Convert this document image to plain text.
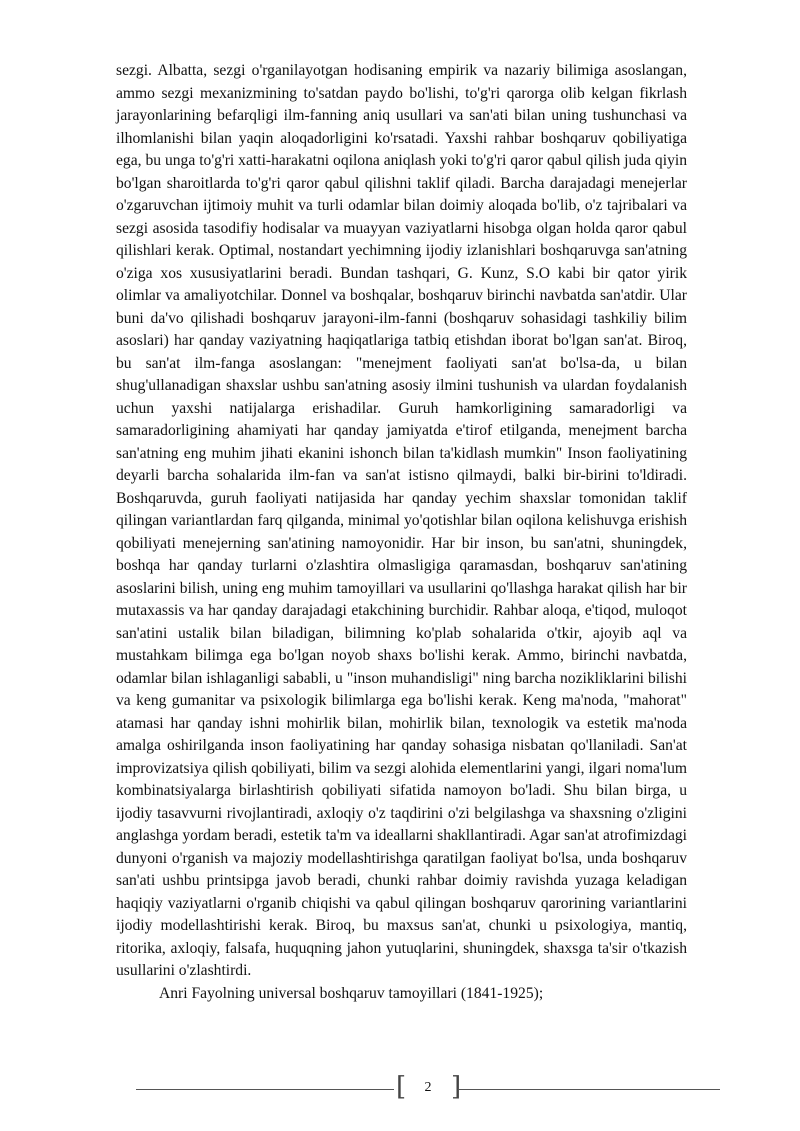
sezgi. Albatta, sezgi o'rganilayotgan hodisaning empirik va nazariy bilimiga asoslangan, ammo sezgi mexanizmining to'satdan paydo bo'lishi, to'g'ri qarorga olib kelgan fikrlash jarayonlarining befarqligi ilm-fanning aniq usullari va san'ati bilan uning tushunchasi va ilhomlanishi bilan yaqin aloqadorligini ko'rsatadi. Yaxshi rahbar boshqaruv qobiliyatiga ega, bu unga to'g'ri xatti-harakatni oqilona aniqlash yoki to'g'ri qaror qabul qilish juda qiyin bo'lgan sharoitlarda to'g'ri qaror qabul qilishni taklif qiladi. Barcha darajadagi menejerlar o'zgaruvchan ijtimoiy muhit va turli odamlar bilan doimiy aloqada bo'lib, o'z tajribalari va sezgi asosida tasodifiy hodisalar va muayyan vaziyatlarni hisobga olgan holda qaror qabul qilishlari kerak. Optimal, nostandart yechimning ijodiy izlanishlari boshqaruvga san'atning o'ziga xos xususiyatlarini beradi. Bundan tashqari, G. Kunz, S.O kabi bir qator yirik olimlar va amaliyotchilar. Donnel va boshqalar, boshqaruv birinchi navbatda san'atdir. Ular buni da'vo qilishadi boshqaruv jarayoni-ilm-fanni (boshqaruv sohasidagi tashkiliy bilim asoslari) har qanday vaziyatning haqiqatlariga tatbiq etishdan iborat bo'lgan san'at. Biroq, bu san'at ilm-fanga asoslangan: "menejment faoliyati san'at bo'lsa-da, u bilan shug'ullanadigan shaxslar ushbu san'atning asosiy ilmini tushunish va ulardan foydalanish uchun yaxshi natijalarga erishadilar. Guruh hamkorligining samaradorligi va samaradorligining ahamiyati har qanday jamiyatda e'tirof etilganda, menejment barcha san'atning eng muhim jihati ekanini ishonch bilan ta'kidlash mumkin" Inson faoliyatining deyarli barcha sohalarida ilm-fan va san'at istisno qilmaydi, balki bir-birini to'ldiradi. Boshqaruvda, guruh faoliyati natijasida har qanday yechim shaxslar tomonidan taklif qilingan variantlardan farq qilganda, minimal yo'qotishlar bilan oqilona kelishuvga erishish qobiliyati menejerning san'atining namoyonidir. Har bir inson, bu san'atni, shuningdek, boshqa har qanday turlarni o'zlashtira olmasligiga qaramasdan, boshqaruv san'atining asoslarini bilish, uning eng muhim tamoyillari va usullarini qo'llashga harakat qilish har bir mutaxassis va har qanday darajadagi etakchining burchidir. Rahbar aloqa, e'tiqod, muloqot san'atini ustalik bilan biladigan, bilimning ko'plab sohalarida o'tkir, ajoyib aql va mustahkam bilimga ega bo'lgan noyob shaxs bo'lishi kerak. Ammo, birinchi navbatda, odamlar bilan ishlaganligi sababli, u "inson muhandisligi" ning barcha nozikliklarini bilishi va keng gumanitar va psixologik bilimlarga ega bo'lishi kerak. Keng ma'noda, "mahorat" atamasi har qanday ishni mohirlik bilan, mohirlik bilan, texnologik va estetik ma'noda amalga oshirilganda inson faoliyatining har qanday sohasiga nisbatan qo'llaniladi. San'at improvizatsiya qilish qobiliyati, bilim va sezgi alohida elementlarini yangi, ilgari noma'lum kombinatsiyalarga birlashtirish qobiliyati sifatida namoyon bo'ladi. Shu bilan birga, u ijodiy tasavvurni rivojlantiradi, axloqiy o'z taqdirini o'zi belgilashga va shaxsning o'zligini anglashga yordam beradi, estetik ta'm va ideallarni shakllantiradi. Agar san'at atrofimizdagi dunyoni o'rganish va majoziy modellashtirishga qaratilgan faoliyat bo'lsa, unda boshqaruv san'ati ushbu printsipga javob beradi, chunki rahbar doimiy ravishda yuzaga keladigan haqiqiy vaziyatlarni o'rganib chiqishi va qabul qilingan boshqaruv qarorining variantlarini ijodiy modellashtirishi kerak. Biroq, bu maxsus san'at, chunki u psixologiya, mantiq, ritorika, axloqiy, falsafa, huquqning jahon yutuqlarini, shuningdek, shaxsga ta'sir o'tkazish usullarini o'zlashtirdi.

Anri Fayolning universal boshqaruv tamoyillari (1841-1925);

[	2 ]
